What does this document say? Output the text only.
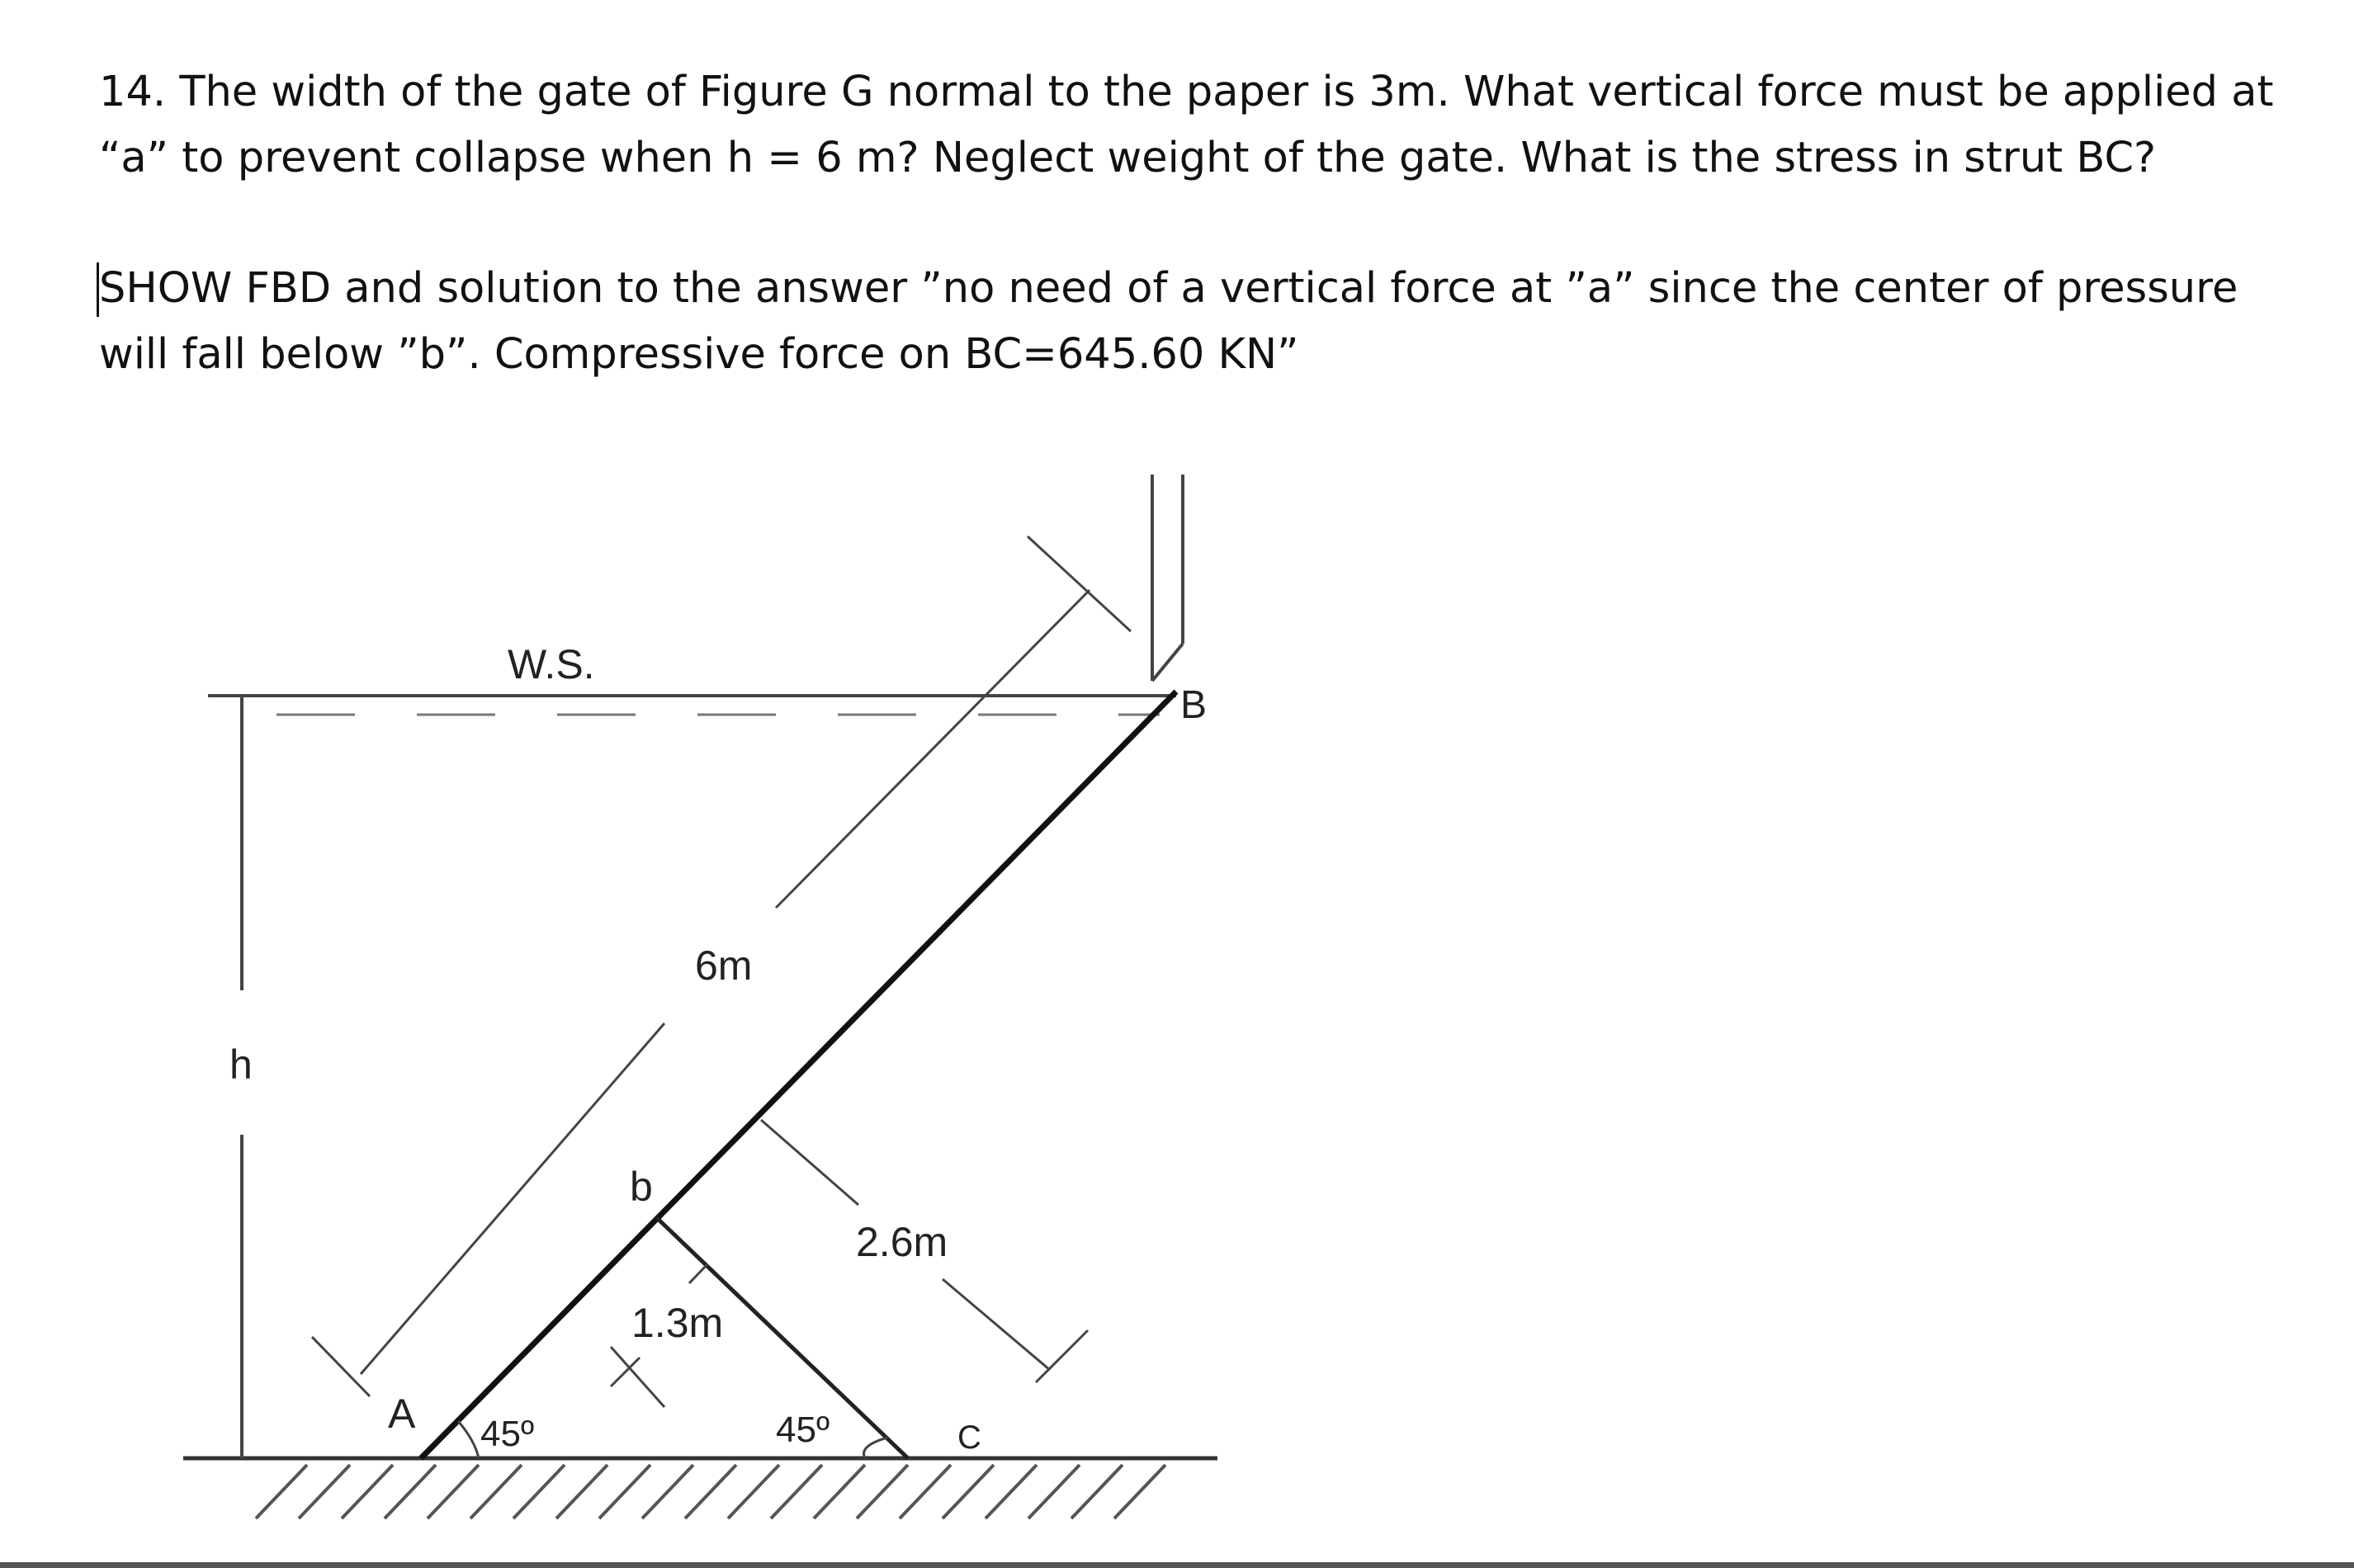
14. The width of the gate of Figure G normal to the paper is 3m. What vertical force must be applied at

“a” to prevent collapse when h = 6 m? Neglect weight of the gate. What is the stress in strut BC?

SHOW FBD and solution to the answer ”no need of a vertical force at ”a” since the center of pressure

will fall below ”b”. Compressive force on BC=645.60 KN”

W.S.
h
6m
2.6m
1.3m
A
b
B
C
45º	45º
